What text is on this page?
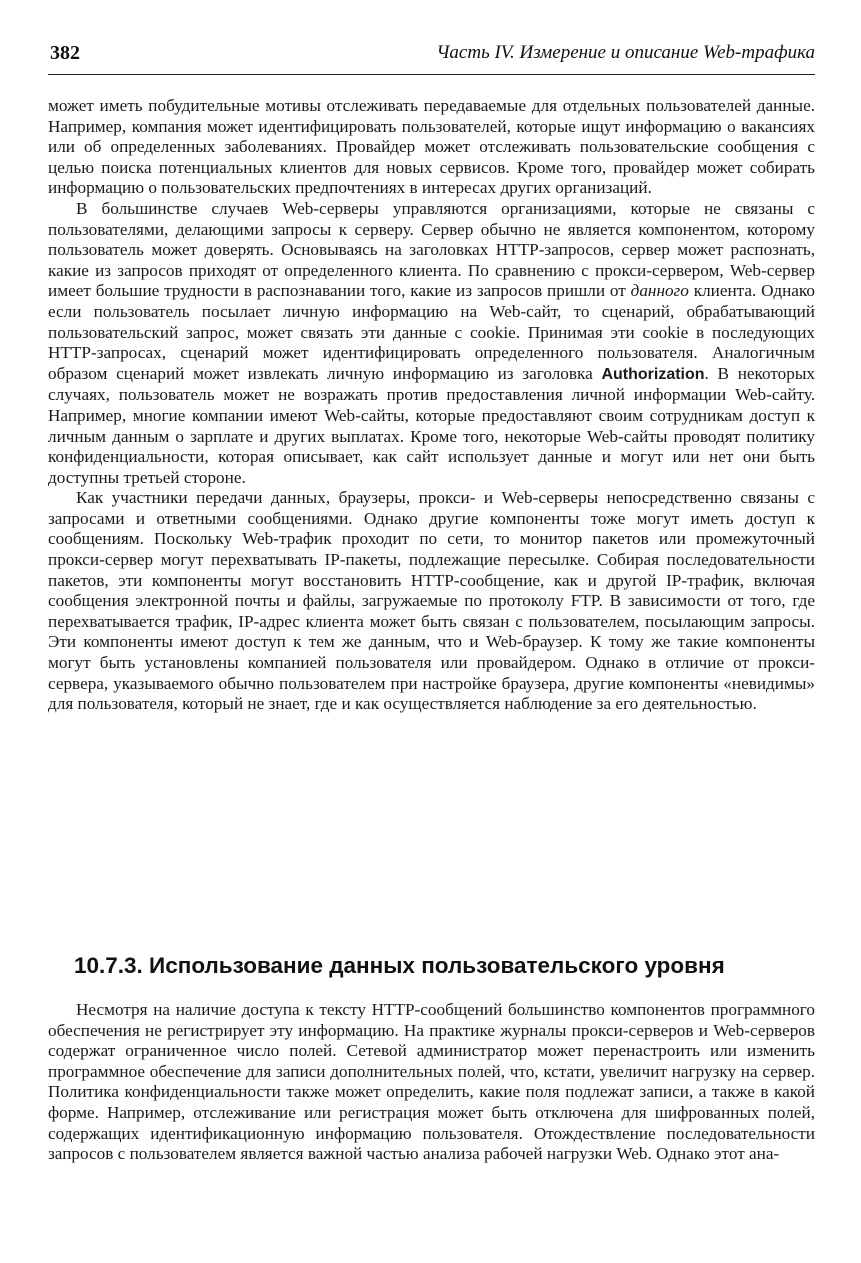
382	Часть IV. Измерение и описание Web-трафика

может иметь побудительные мотивы отслеживать передаваемые для отдельных пользователей данные. Например, компания может идентифицировать пользователей, которые ищут информацию о вакансиях или об определенных заболеваниях. Провайдер может отслеживать пользовательские сообщения с целью поиска потенциальных клиентов для новых сервисов. Кроме того, провайдер может собирать информацию о пользовательских предпочтениях в интересах других организаций.

В большинстве случаев Web-серверы управляются организациями, которые не связаны с пользователями, делающими запросы к серверу. Сервер обычно не является компонентом, которому пользователь может доверять. Основываясь на заголовках HTTP-запросов, сервер может распознать, какие из запросов приходят от определенного клиента. По сравнению с прокси-сервером, Web-сервер имеет большие трудности в распознавании того, какие из запросов пришли от данного клиента. Однако если пользователь посылает личную информацию на Web-сайт, то сценарий, обрабатывающий пользовательский запрос, может связать эти данные с cookie. Принимая эти cookie в последующих HTTP-запросах, сценарий может идентифицировать определенного пользователя. Аналогичным образом сценарий может извлекать личную информацию из заголовка Authorization. В некоторых случаях, пользователь может не возражать против предоставления личной информации Web-сайту. Например, многие компании имеют Web-сайты, которые предоставляют своим сотрудникам доступ к личным данным о зарплате и других выплатах. Кроме того, некоторые Web-сайты проводят политику конфиденциальности, которая описывает, как сайт использует данные и могут или нет они быть доступны третьей стороне.

Как участники передачи данных, браузеры, прокси- и Web-серверы непосредственно связаны с запросами и ответными сообщениями. Однако другие компоненты тоже могут иметь доступ к сообщениям. Поскольку Web-трафик проходит по сети, то монитор пакетов или промежуточный прокси-сервер могут перехватывать IP-пакеты, подлежащие пересылке. Собирая последовательности пакетов, эти компоненты могут восстановить HTTP-сообщение, как и другой IP-трафик, включая сообщения электронной почты и файлы, загружаемые по протоколу FTP. В зависимости от того, где перехватывается трафик, IP-адрес клиента может быть связан с пользователем, посылающим запросы. Эти компоненты имеют доступ к тем же данным, что и Web-браузер. К тому же такие компоненты могут быть установлены компанией пользователя или провайдером. Однако в отличие от прокси-сервера, указываемого обычно пользователем при настройке браузера, другие компоненты «невидимы» для пользователя, который не знает, где и как осуществляется наблюдение за его деятельностью.

10.7.3. Использование данных пользовательского уровня

Несмотря на наличие доступа к тексту HTTP-сообщений большинство компонентов программного обеспечения не регистрирует эту информацию. На практике журналы прокси-серверов и Web-серверов содержат ограниченное число полей. Сетевой администратор может перенастроить или изменить программное обеспечение для записи дополнительных полей, что, кстати, увеличит нагрузку на сервер. Политика конфиденциальности также может определить, какие поля подлежат записи, а также в какой форме. Например, отслеживание или регистрация может быть отключена для шифрованных полей, содержащих идентификационную информацию пользователя. Отождествление последовательности запросов с пользователем является важной частью анализа рабочей нагрузки Web. Однако этот ана-
